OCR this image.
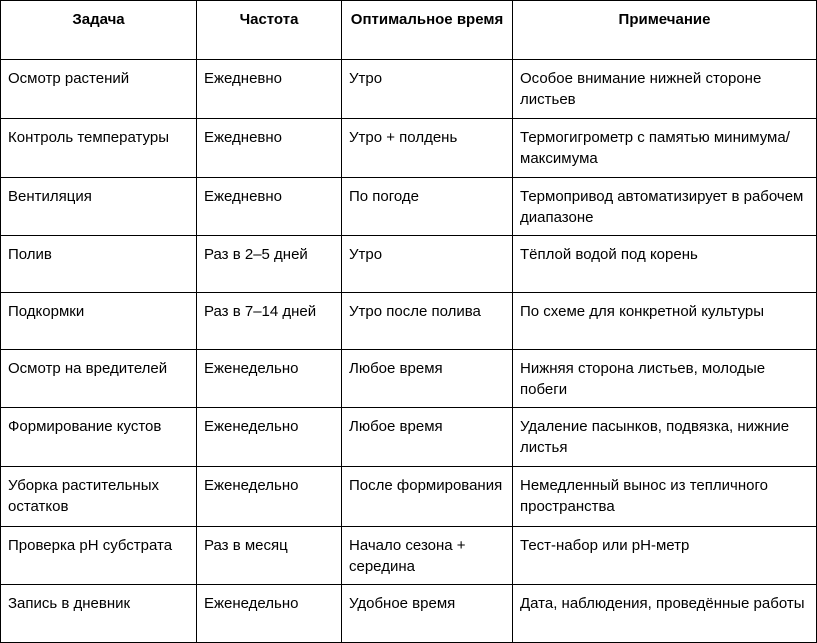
Задача	Частота	Оптимальное время	Примечание
Осмотр растений	Ежедневно	Утро	Особое внимание нижней стороне листьев
Контроль температуры	Ежедневно	Утро + полдень	Термогигрометр с памятью минимума/максимума
Вентиляция	Ежедневно	По погоде	Термопривод автоматизирует в рабочем диапазоне
Полив	Раз в 2–5 дней	Утро	Тёплой водой под корень
Подкормки	Раз в 7–14 дней	Утро после полива	По схеме для конкретной культуры
Осмотр на вредителей	Еженедельно	Любое время	Нижняя сторона листьев, молодые побеги
Формирование кустов	Еженедельно	Любое время	Удаление пасынков, подвязка, нижние листья
Уборка растительных остатков	Еженедельно	После формирования	Немедленный вынос из тепличного пространства
Проверка pH субстрата	Раз в месяц	Начало сезона + середина	Тест-набор или pH-метр
Запись в дневник	Еженедельно	Удобное время	Дата, наблюдения, проведённые работы
